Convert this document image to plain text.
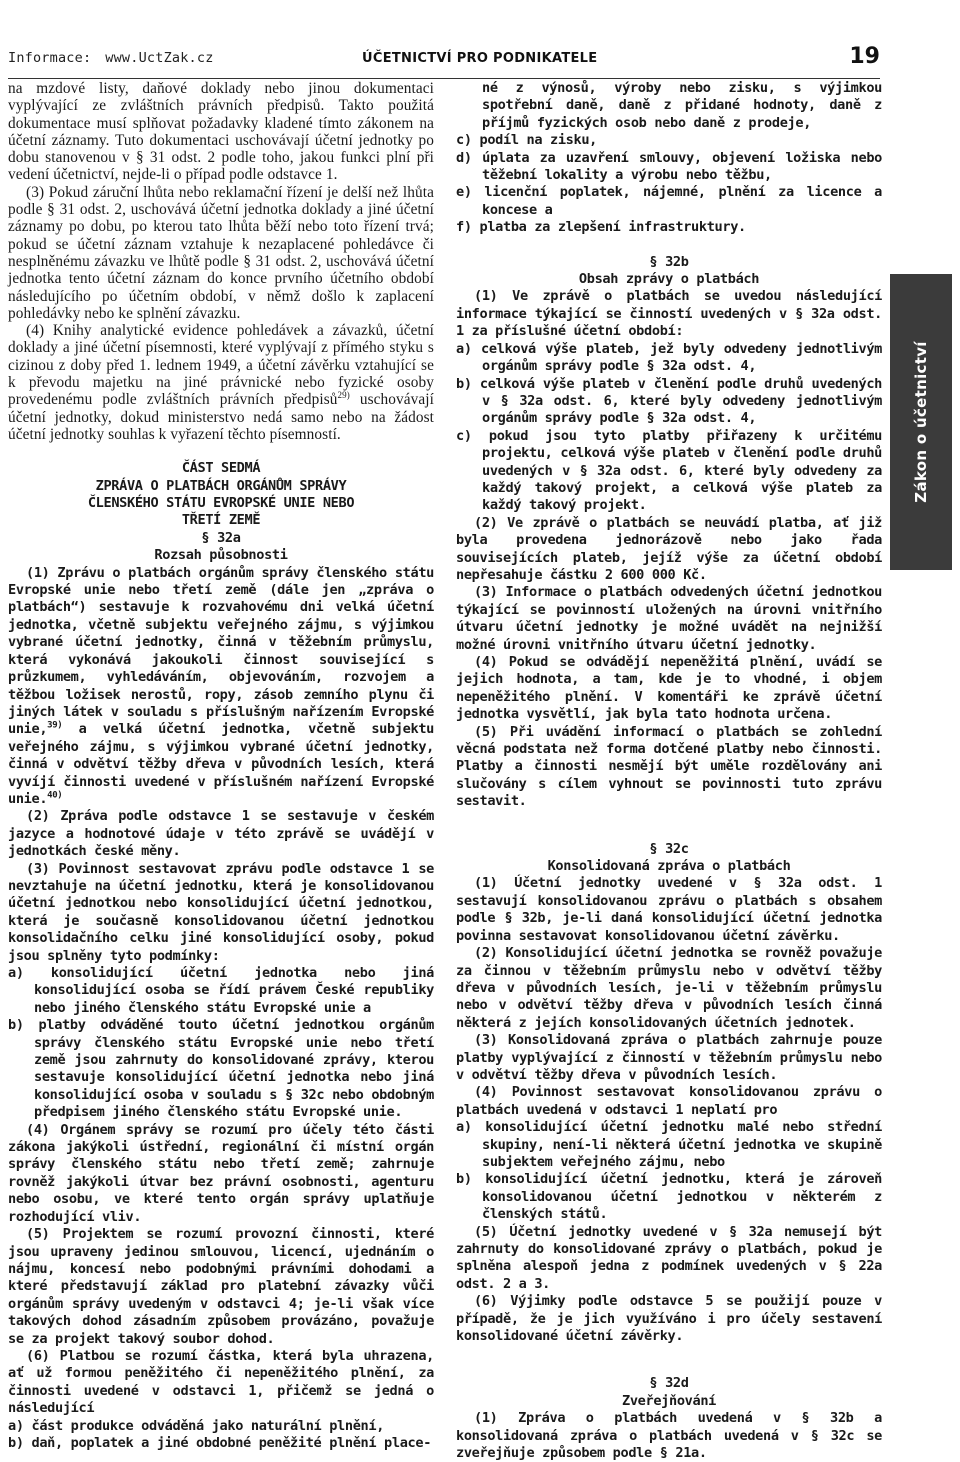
Informace: www.UctZak.cz	ÚČETNICTVÍ PRO PODNIKATELE	19
Zákon o účetnictví

na mzdové listy, daňové doklady nebo jinou dokumentaci vyplývající ze zvláštních právních předpisů. Takto použitá dokumentace musí splňovat požadavky kladené tímto zákonem na účetní záznamy. Tuto dokumentaci uschovávají účetní jednotky po dobu stanovenou v § 31 odst. 2 podle toho, jakou funkci plní při vedení účetnictví, nejde-li o případ podle odstavce 1.

(3) Pokud záruční lhůta nebo reklamační řízení je delší než lhůta podle § 31 odst. 2, uschovává účetní jednotka doklady a jiné účetní záznamy po dobu, po kterou tato lhůta běží nebo toto řízení trvá; pokud se účetní záznam vztahuje k nezaplacené pohledávce či nesplněnému závazku ve lhůtě podle § 31 odst. 2, uschovává účetní jednotka tento účetní záznam do konce prvního účetního období následujícího po účetním období, v němž došlo k zaplacení pohledávky nebo ke splnění závazku.

(4) Knihy analytické evidence pohledávek a závazků, účetní doklady a jiné účetní písemnosti, které vyplývají z přímého styku s cizinou z doby před 1. lednem 1949, a účetní závěrku vztahující se k převodu majetku na jiné právnické nebo fyzické osoby provedenému podle zvláštních právních předpisů$^{29)}$ uschovávají účetní jednotky, dokud ministerstvo nedá samo nebo na žádost účetní jednotky souhlas k vyřazení těchto písemností.

ČÁST SEDMÁ
ZPRÁVA O PLATBÁCH ORGÁNŮM SPRÁVY
ČLENSKÉHO STÁTU EVROPSKÉ UNIE NEBO
TŘETÍ ZEMĚ
§ 32a
Rozsah působnosti

(1) Zprávu o platbách orgánům správy členského státu Evropské unie nebo třetí země (dále jen „zpráva o platbách“) sestavuje k rozvahovému dni velká účetní jednotka, včetně subjektu veřejného zájmu, s výjimkou vybrané účetní jednotky, činná v těžebním průmyslu, která vykonává jakoukoli činnost související s průzkumem, vyhledáváním, objevováním, rozvojem a těžbou ložisek nerostů, ropy, zásob zemního plynu či jiných látek v souladu s příslušným nařízením Evropské unie,$^{39)}$ a velká účetní jednotka, včetně subjektu veřejného zájmu, s výjimkou vybrané účetní jednotky, činná v odvětví těžby dřeva v původních lesích, která vyvíjí činnosti uvedené v příslušném nařízení Evropské unie.$^{40)}$

(2) Zpráva podle odstavce 1 se sestavuje v českém jazyce a hodnotové údaje v této zprávě se uvádějí v jednotkách české měny.

(3) Povinnost sestavovat zprávu podle odstavce 1 se nevztahuje na účetní jednotku, která je konsolidovanou účetní jednotkou nebo konsolidující účetní jednotkou, která je současně konsolidovanou účetní jednotkou konsolidačního celku jiné konsolidující osoby, pokud jsou splněny tyto podmínky:

a) konsolidující účetní jednotka nebo jiná konsolidující osoba se řídí právem České republiky nebo jiného členského státu Evropské unie a
b) platby odváděné touto účetní jednotkou orgánům správy členského státu Evropské unie nebo třetí země jsou zahrnuty do konsolidované zprávy, kterou sestavuje konsolidující účetní jednotka nebo jiná konsolidující osoba v souladu s § 32c nebo obdobným předpisem jiného členského státu Evropské unie.

(4) Orgánem správy se rozumí pro účely této části zákona jakýkoli ústřední, regionální či místní orgán správy členského státu nebo třetí země; zahrnuje rovněž jakýkoli útvar bez právní osobnosti, agenturu nebo osobu, ve které tento orgán správy uplatňuje rozhodující vliv.

(5) Projektem se rozumí provozní činnosti, které jsou upraveny jedinou smlouvou, licencí, ujednáním o nájmu, koncesí nebo podobnými právními dohodami a které představují základ pro platební závazky vůči orgánům správy uvedeným v odstavci 4; je-li však více takových dohod zásadním způsobem provázáno, považuje se za projekt takový soubor dohod.

(6) Platbou se rozumí částka, která byla uhrazena, ať už formou peněžitého či nepeněžitého plnění, za činnosti uvedené v odstavci 1, přičemž se jedná o následující

a) část produkce odváděná jako naturální plnění,
b) daň, poplatek a jiné obdobné peněžité plnění place-
né z výnosů, výroby nebo zisku, s výjimkou spotřební daně, daně z přidané hodnoty, daně z příjmů fyzických osob nebo daně z prodeje,
c) podíl na zisku,
d) úplata za uzavření smlouvy, objevení ložiska nebo těžební lokality a výrobu nebo těžbu,
e) licenční poplatek, nájemné, plnění za licence a koncese a
f) platba za zlepšení infrastruktury.
§ 32b
Obsah zprávy o platbách

(1) Ve zprávě o platbách se uvedou následující informace týkající se činností uvedených v § 32a odst. 1 za příslušné účetní období:

a) celková výše plateb, jež byly odvedeny jednotlivým orgánům správy podle § 32a odst. 4,
b) celková výše plateb v členění podle druhů uvedených v § 32a odst. 6, které byly odvedeny jednotlivým orgánům správy podle § 32a odst. 4,
c) pokud jsou tyto platby přiřazeny k určitému projektu, celková výše plateb v členění podle druhů uvedených v § 32a odst. 6, které byly odvedeny za každý takový projekt, a celková výše plateb za každý takový projekt.

(2) Ve zprávě o platbách se neuvádí platba, ať již byla provedena jednorázově nebo jako řada souvisejících plateb, jejíž výše za účetní období nepřesahuje částku 2 600 000 Kč.

(3) Informace o platbách odvedených účetní jednotkou týkající se povinností uložených na úrovni vnitřního útvaru účetní jednotky je možné uvádět na nejnižší možné úrovni vnitřního útvaru účetní jednotky.

(4) Pokud se odvádějí nepeněžitá plnění, uvádí se jejich hodnota, a tam, kde je to vhodné, i objem nepeněžitého plnění. V komentáři ke zprávě účetní jednotka vysvětlí, jak byla tato hodnota určena.

(5) Při uvádění informací o platbách se zohlední věcná podstata než forma dotčené platby nebo činnosti. Platby a činnosti nesmějí být uměle rozdělovány ani slučovány s cílem vyhnout se povinnosti tuto zprávu sestavit.

§ 32c
Konsolidovaná zpráva o platbách

(1) Účetní jednotky uvedené v § 32a odst. 1 sestavují konsolidovanou zprávu o platbách s obsahem podle § 32b, je-li daná konsolidující účetní jednotka povinna sestavovat konsolidovanou účetní závěrku.

(2) Konsolidující účetní jednotka se rovněž považuje za činnou v těžebním průmyslu nebo v odvětví těžby dřeva v původních lesích, je-li v těžebním průmyslu nebo v odvětví těžby dřeva v původních lesích činná některá z jejích konsolidovaných účetních jednotek.

(3) Konsolidovaná zpráva o platbách zahrnuje pouze platby vyplývající z činností v těžebním průmyslu nebo v odvětví těžby dřeva v původních lesích.

(4) Povinnost sestavovat konsolidovanou zprávu o platbách uvedená v odstavci 1 neplatí pro

a) konsolidující účetní jednotku malé nebo střední skupiny, není-li některá účetní jednotka ve skupině subjektem veřejného zájmu, nebo
b) konsolidující účetní jednotku, která je zároveň konsolidovanou účetní jednotkou v některém z členských států.

(5) Účetní jednotky uvedené v § 32a nemusejí být zahrnuty do konsolidované zprávy o platbách, pokud je splněna alespoň jedna z podmínek uvedených v § 22a odst. 2 a 3.

(6) Výjimky podle odstavce 5 se použijí pouze v případě, že je jich využíváno i pro účely sestavení konsolidované účetní závěrky.

§ 32d
Zveřejňování

(1) Zpráva o platbách uvedená v § 32b a konsolidovaná zpráva o platbách uvedená v § 32c se zveřejňuje způsobem podle § 21a.
